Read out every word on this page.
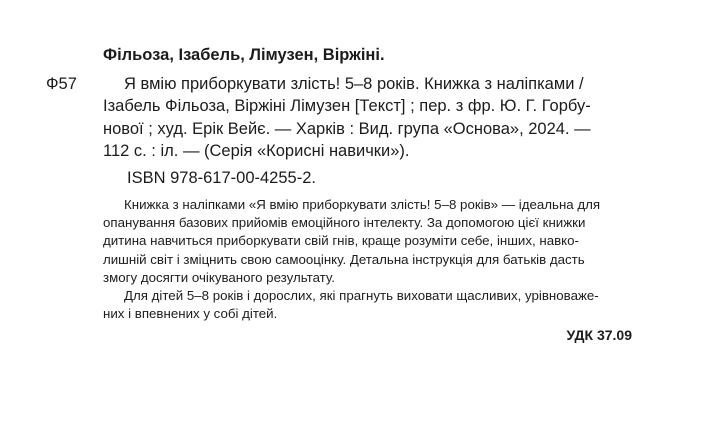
Фільоза, Ізабель, Лімузен, Віржіні.
Ф57	Я вмію приборкувати злість! 5–8 років. Книжка з наліпками /
Ізабель Фільоза, Віржіні Лімузен [Текст] ; пер. з фр. Ю. Г. Горбу-
нової ; худ. Ерік Вейє. — Харків : Вид. група «Основа», 2024. —
112 с. : іл. — (Серія «Корисні навички»).
ISBN 978-617-00-4255-2.
Книжка з наліпками «Я вмію приборкувати злість! 5–8 років» — ідеальна для
опанування базових прийомів емоційного інтелекту. За допомогою цієї книжки
дитина навчиться приборкувати свій гнів, краще розуміти себе, інших, навко-
лишній світ і зміцнить свою самооцінку. Детальна інструкція для батьків дасть
змогу досягти очікуваного результату.
Для дітей 5–8 років і дорослих, які прагнуть виховати щасливих, урівноваже-
них і впевнених у собі дітей.
УДК 37.09
